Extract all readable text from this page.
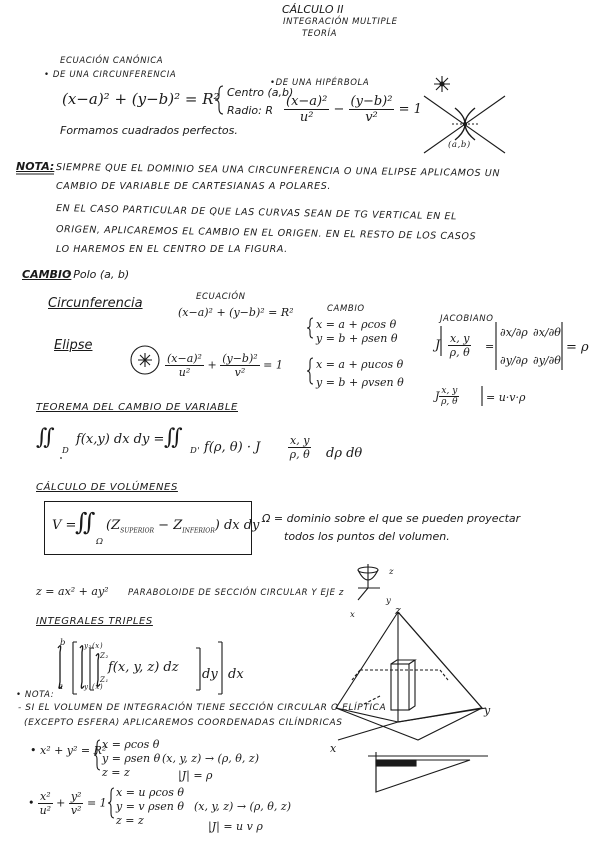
CÁLCULO II
INTEGRACIÓN MULTIPLE
TEORÍA
ECUACIÓN CANÓNICA
• DE UNA CIRCUNFERENCIA
(x−a)² + (y−b)² = R² Centro (a,b)
Radio: R
Formamos cuadrados perfectos.
•DE UNA HIPÉRBOLA
$\frac{\text{(x−a)²}}{\text{u²}} - \frac{\text{(y−b)²}}{\text{v²}} = 1$
NOTA: SIEMPRE QUE EL DOMINIO SEA UNA CIRCUNFERENCIA O UNA ELIPSE APLICAMOS UN
CAMBIO DE VARIABLE DE CARTESIANAS A POLARES.
EN EL CASO PARTICULAR DE QUE LAS CURVAS SEAN DE TG VERTICAL EN EL
ORIGEN, APLICAREMOS EL CAMBIO EN EL ORIGEN. EN EL RESTO DE LOS CASOS
LO HAREMOS EN EL CENTRO DE LA FIGURA.
CAMBIO
: Polo (a, b)
Circunferencia	ECUACIÓN
(x−a)² + (y−b)² = R²	CAMBIO
x = a + ρcos θ
y = b + ρsen θ
JACOBIANO
J $\frac{x, y}{\rho, \theta}$ =
∂x/∂ρ ∂x/∂θ
∂y/∂ρ ∂y/∂θ
= ρ
Elipse
$\frac{\text{(x−a)²}}{\text{u²}} + \frac{\text{(y−b)²}}{\text{v²}} = 1$	x = a + ρucos θ
y = b + ρvsen θ
J $\frac{x, y}{\rho, \theta} = u\cdot v\cdot\rho$
TEOREMA DEL CAMBIO DE VARIABLE
∬
D
f(x,y) dx dy = ∬
D' f(ρ, θ) · J	$\frac{x, y}{\rho, \theta}$ dρ dθ
CÁLCULO DE VOLÚMENES
V =
∬
Ω
$(Z_{SUPERIOR} - Z_{INFERIOR})$ dx dy Ω = dominio sobre el que se pueden proyectar
todos los puntos del volumen.
z = ax² + ay² PARABOLOIDE DE SECCIÓN CIRCULAR Y EJE z
INTEGRALES TRIPLES
b
a
y₂(x)
y₁(x)
Z₂
Z₁
f(x, y, z) dz dy dx
• NOTA:
- SI EL VOLUMEN DE INTEGRACIÓN TIENE SECCIÓN CIRCULAR O ELÍPTICA
(EXCEPTO ESFERA) APLICAREMOS COORDENADAS CILÍNDRICAS
• x² + y² = R²
x = ρcos θ
y = ρsen θ
z = z
(x, y, z) → (ρ, θ, z)
|J| = ρ
• $\frac{\text{x²}}{\text{u²}} + \frac{\text{y²}}{\text{v²}} = 1$
x = u ρcos θ
y = v ρsen θ
z = z
(x, y, z) → (ρ, θ, z)
|J| = u v ρ
z
y
x	z
y
x
(a,b)
